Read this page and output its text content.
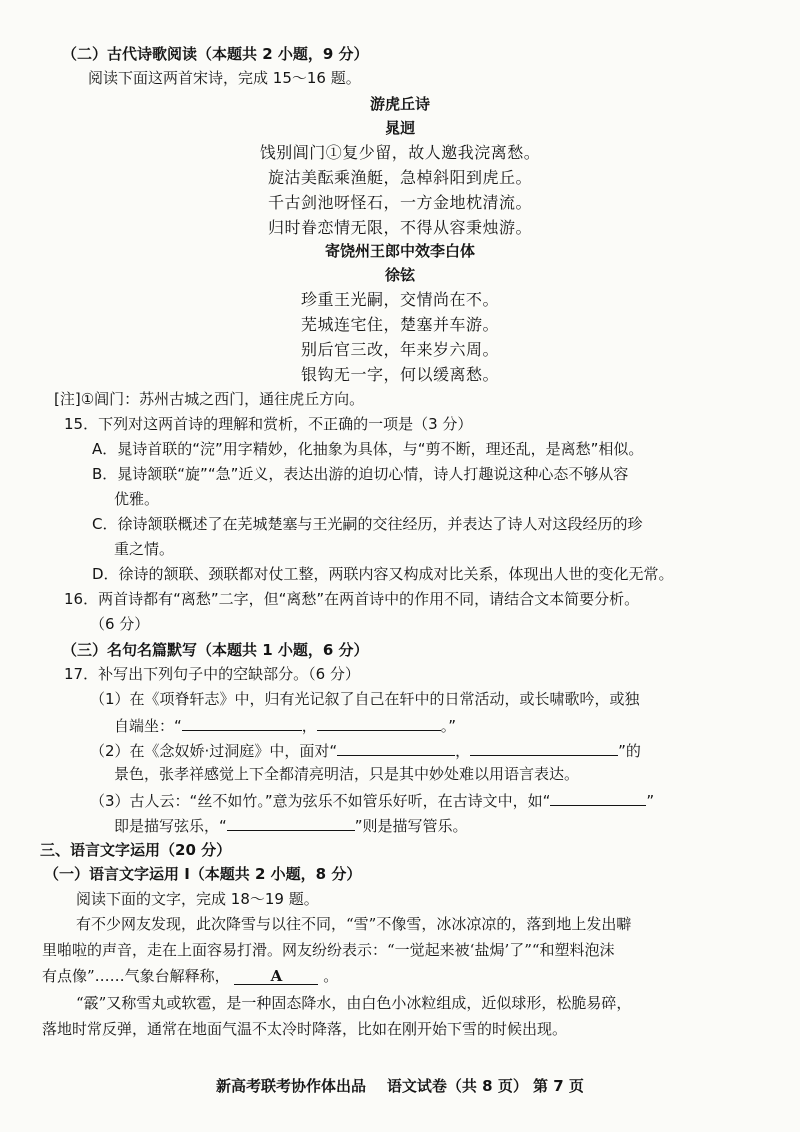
（二）古代诗歌阅读（本题共 2 小题，9 分）
阅读下面这两首宋诗，完成 15～16 题。
游虎丘诗
晁迥
饯别阊门①复少留，故人邀我浣离愁。
旋沽美酝乘渔艇，急棹斜阳到虎丘。
千古剑池呀怪石，一方金地枕清流。
归时眷恋情无限，不得从容秉烛游。
寄饶州王郎中效李白体
徐铉
珍重王光嗣，交情尚在不。
芜城连宅住，楚塞并车游。
别后官三改，年来岁六周。
银钩无一字，何以缓离愁。
[注]①阊门：苏州古城之西门，通往虎丘方向。
15．下列对这两首诗的理解和赏析，不正确的一项是（3 分）
A．晁诗首联的“浣”用字精妙，化抽象为具体，与“剪不断，理还乱，是离愁”相似。
B．晁诗颔联“旋”“急”近义，表达出游的迫切心情，诗人打趣说这种心态不够从容
优雅。
C．徐诗颔联概述了在芜城楚塞与王光嗣的交往经历，并表达了诗人对这段经历的珍
重之情。
D．徐诗的颔联、颈联都对仗工整，两联内容又构成对比关系，体现出人世的变化无常。
16．两首诗都有“离愁”二字，但“离愁”在两首诗中的作用不同，请结合文本简要分析。
（6 分）
（三）名句名篇默写（本题共 1 小题，6 分）
17．补写出下列句子中的空缺部分。（6 分）
（1）在《项脊轩志》中，归有光记叙了自己在轩中的日常活动，或长啸歌吟，或独
自端坐：“	，	。”
（2）在《念奴娇·过洞庭》中，面对“	，	”的
景色，张孝祥感觉上下全都清亮明洁，只是其中妙处难以用语言表达。
（3）古人云：“丝不如竹。”意为弦乐不如管乐好听，在古诗文中，如“	”
即是描写弦乐，“	”则是描写管乐。
三、语言文字运用（20 分）
（一）语言文字运用 Ⅰ（本题共 2 小题，8 分）
阅读下面的文字，完成 18～19 题。
有不少网友发现，此次降雪与以往不同，“雪”不像雪，冰冰凉凉的，落到地上发出噼
里啪啦的声音，走在上面容易打滑。网友纷纷表示：“一觉起来被‘盐焗’了”“和塑料泡沫
有点像”……气象台解释称，	A	。
“霰”又称雪丸或软雹，是一种固态降水，由白色小冰粒组成，近似球形，松脆易碎，
落地时常反弹，通常在地面气温不太冷时降落，比如在刚开始下雪的时候出现。
新高考联考协作体出品    语文试卷（共 8 页） 第 7 页
